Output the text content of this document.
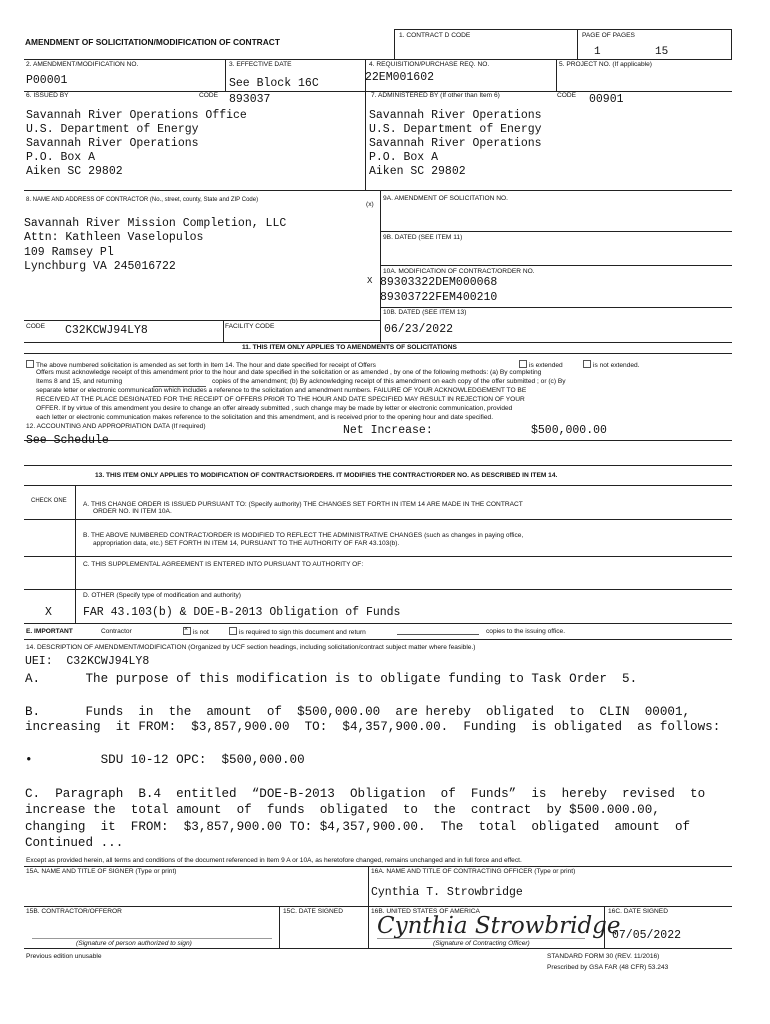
AMENDMENT OF SOLICITATION/MODIFICATION OF CONTRACT
1. CONTRACT D CODE	PAGE OF PAGES
1	15
2. AMENDMENT/MODIFICATION NO.
P00001
3. EFFECTIVE DATE
See Block 16C
4. REQUISITION/PURCHASE REQ. NO.
22EM001602
5. PROJECT NO. (If applicable)
6. ISSUED BY	CODE 893037
Savannah River Operations Office
U.S. Department of Energy
Savannah River Operations
P.O. Box A
Aiken SC 29802
7. ADMINISTERED BY (If other than Item 6)	CODE 00901
Savannah River Operations
U.S. Department of Energy
Savannah River Operations
P.O. Box A
Aiken SC 29802
8. NAME AND ADDRESS OF CONTRACTOR (No., street, county, State and ZIP Code)
Savannah River Mission Completion, LLC
Attn: Kathleen Vaselopulos
109 Ramsey Pl
Lynchburg VA 245016722
(x)
9A. AMENDMENT OF SOLICITATION NO.
9B. DATED (SEE ITEM 11)
X
10A. MODIFICATION OF CONTRACT/ORDER NO.
89303322DEM000068
89303722FEM400210
10B. DATED (SEE ITEM 13)
06/23/2022
CODE C32KCWJ94LY8	FACILITY CODE
11. THIS ITEM ONLY APPLIES TO AMENDMENTS OF SOLICITATIONS
The above numbered solicitation is amended as set forth in Item 14. The hour and date specified for receipt of Offers	is extended	is not extended.
Offers must acknowledge receipt of this amendment prior to the hour and date specified in the solicitation or as amended , by one of the following methods: (a) By completing
Items 8 and 15, and returning	copies of the amendment; (b) By acknowledging receipt of this amendment on each copy of the offer submitted ; or (c) By
separate letter or electronic communication which includes a reference to the solicitation and amendment numbers. FAILURE OF YOUR ACKNOWLEDGEMENT TO BE
RECEIVED AT THE PLACE DESIGNATED FOR THE RECEIPT OF OFFERS PRIOR TO THE HOUR AND DATE SPECIFIED MAY RESULT IN REJECTION OF YOUR
OFFER. If by virtue of this amendment you desire to change an offer already submitted , such change may be made by letter or electronic communication, provided
each letter or electronic communication makes reference to the solicitation and this amendment, and is received prior to the opening hour and date specified.
12. ACCOUNTING AND APPROPRIATION DATA (If required)	Net Increase:	$500,000.00
See Schedule
13. THIS ITEM ONLY APPLIES TO MODIFICATION OF CONTRACTS/ORDERS. IT MODIFIES THE CONTRACT/ORDER NO. AS DESCRIBED IN ITEM 14.
CHECK ONE A. THIS CHANGE ORDER IS ISSUED PURSUANT TO: (Specify authority) THE CHANGES SET FORTH IN ITEM 14 ARE MADE IN THE CONTRACT
ORDER NO. IN ITEM 10A.
B. THE ABOVE NUMBERED CONTRACT/ORDER IS MODIFIED TO REFLECT THE ADMINISTRATIVE CHANGES (such as changes in paying office,
appropriation data, etc.) SET FORTH IN ITEM 14, PURSUANT TO THE AUTHORITY OF FAR 43.103(b).
C. THIS SUPPLEMENTAL AGREEMENT IS ENTERED INTO PURSUANT TO AUTHORITY OF:
D. OTHER (Specify type of modification and authority)
X	FAR 43.103(b) & DOE-B-2013 Obligation of Funds
E. IMPORTANT	Contractor	× is not	is required to sign this document and return	copies to the issuing office.
14. DESCRIPTION OF AMENDMENT/MODIFICATION (Organized by UCF section headings, including solicitation/contract subject matter where feasible.)
UEI:  C32KCWJ94LY8
A.      The purpose of this modification is to obligate funding to Task Order  5.
B.      Funds  in  the  amount  of  $500,000.00  are hereby  obligated  to  CLIN  00001,
increasing  it FROM:  $3,857,900.00  TO:  $4,357,900.00.  Funding  is obligated  as follows:
•         SDU 10-12 OPC:  $500,000.00
C.  Paragraph  B.4  entitled  “DOE-B-2013  Obligation  of  Funds”  is  hereby  revised  to
increase the  total amount  of  funds  obligated  to  the  contract  by $500.000.00,
changing  it  FROM:  $3,857,900.00 TO: $4,357,900.00.  The  total  obligated  amount  of
Continued ...
Except as provided herein, all terms and conditions of the document referenced in Item 9 A or 10A, as heretofore changed, remains unchanged and in full force and effect.
15A. NAME AND TITLE OF SIGNER (Type or print)	16A. NAME AND TITLE OF CONTRACTING OFFICER (Type or print)
Cynthia T. Strowbridge
15B. CONTRACTOR/OFFEROR	15C. DATE SIGNED	16B. UNITED STATES OF AMERICA	16C. DATE SIGNED
(Signature of person authorized to sign)
Cynthia Strowbridge
(Signature of Contracting Officer)
07/05/2022
Previous edition unusable	STANDARD FORM 30 (REV. 11/2016)
Prescribed by GSA FAR (48 CFR) 53.243
